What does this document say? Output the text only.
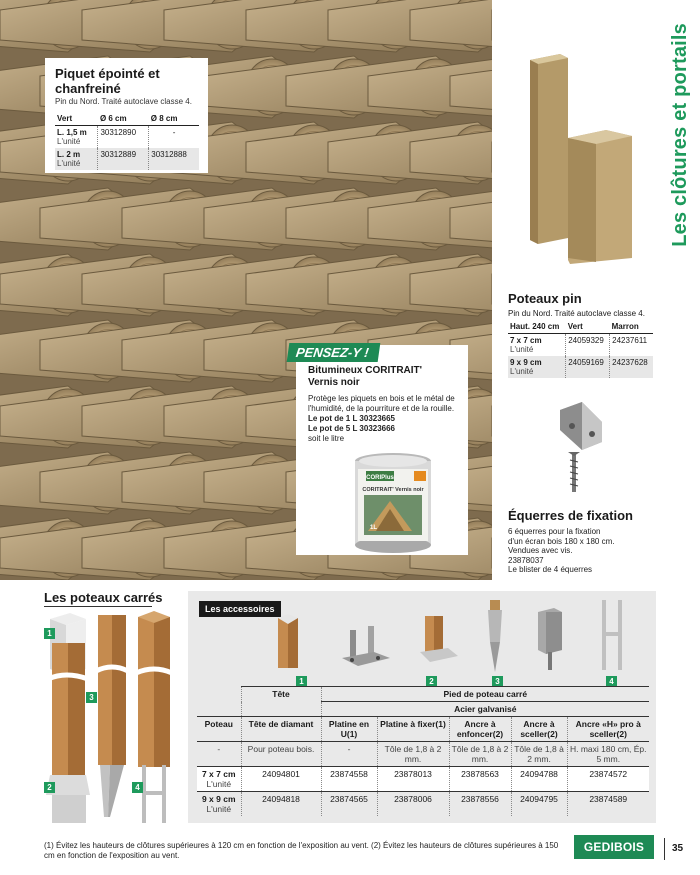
Piquet épointé et chanfreiné
Pin du Nord. Traité autoclave classe 4.
Vert	Ø 6 cm	Ø 8 cm

L. 1,5 m
L'unité	30312890	-

L. 2 m
L'unité	30312889	30312888
Bitumineux CORITRAIT'
Vernis noir
Protège les piquets en bois et le métal de l'humidité, de la pourriture et de la rouille.
Le pot de 1 L 30323665
Le pot de 5 L 30323666
soit le litre
PENSEZ-Y !
CORIPlus
CORITRAIT' Vernis noir
1L
Les clôtures et portails
Poteaux pin
Pin du Nord. Traité autoclave classe 4.
Haut. 240 cm	Vert	Marron

7 x 7 cm
L'unité	24059329	24237611

9 x 9 cm
L'unité	24059169	24237628
Équerres de fixation
6 équerres pour la fixation
d'un écran bois 180 x 180 cm.
Vendues avec vis.
23878037
Le blister de 4 équerres
Les poteaux carrés
1
3
2	4
Les accessoires
1	2	3	4
	Tête	Pied de poteau carré				
		Acier galvanisé				
Poteau	Tête de diamant	Platine en U(1)	Platine à fixer(1)	Ancre à enfoncer(2)	Ancre à sceller(2)	Ancre «H» pro à sceller(2)
-	Pour poteau bois.	-	Tôle de 1,8 à 2 mm.	Tôle de 1,8 à 2 mm.	Tôle de 1,8 à 2 mm.	H. maxi 180 cm, Ép. 5 mm.

7 x 7 cm
L'unité	24094801	23874558	23878013	23878563	24094788	23874572

9 x 9 cm
L'unité	24094818	23874565	23878006	23878556	24094795	23874589
(1) Évitez les hauteurs de clôtures supérieures à 120 cm en fonction de l'exposition au vent. (2) Évitez les hauteurs de clôtures supérieures à 150 cm en fonction de l'exposition au vent.
GEDIBOIS	35
